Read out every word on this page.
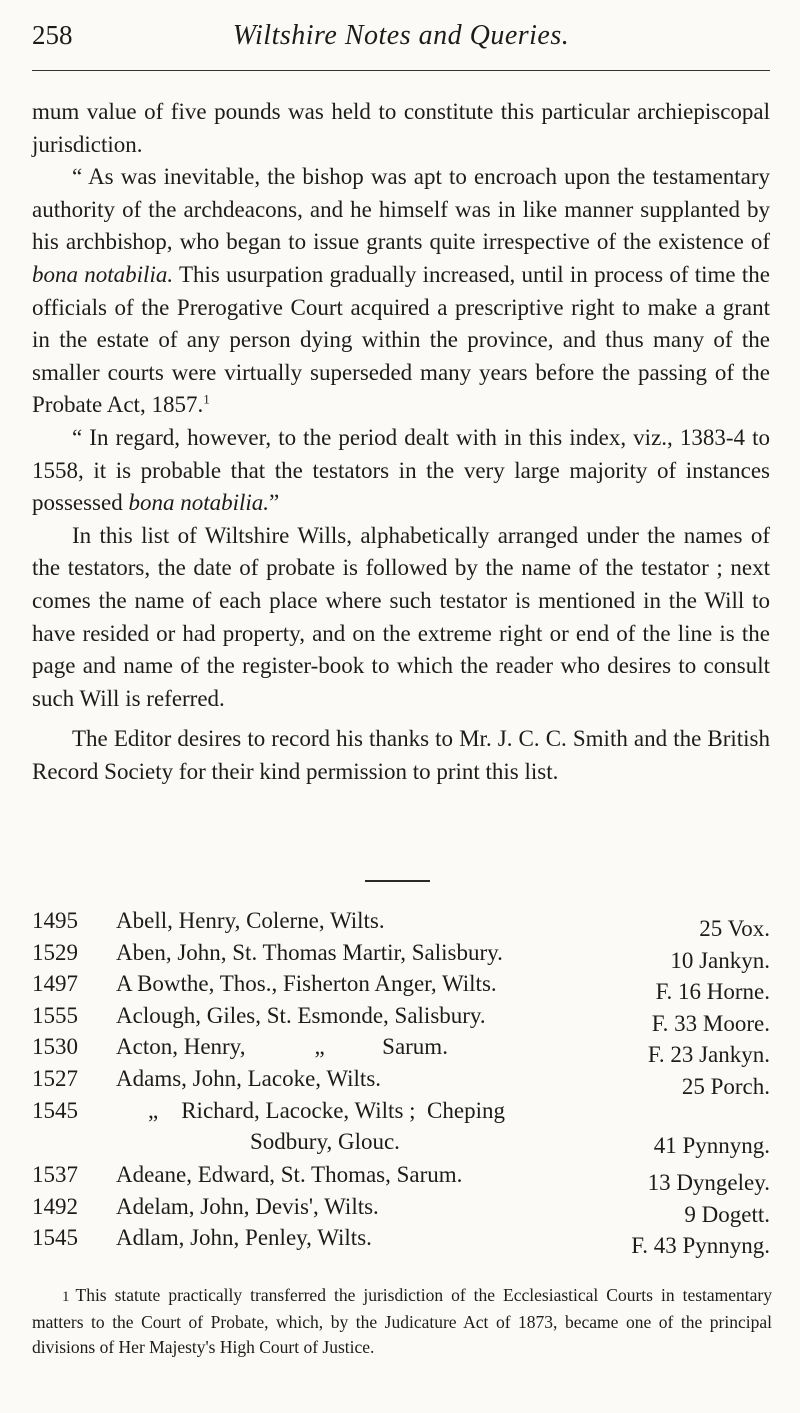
258	Wiltshire Notes and Queries.

mum value of five pounds was held to constitute this particular archiepiscopal jurisdiction.

“ As was inevitable, the bishop was apt to encroach upon the testamentary authority of the archdeacons, and he himself was in like manner supplanted by his archbishop, who began to issue grants quite irrespective of the existence of bona notabilia. This usurpation gradually increased, until in process of time the officials of the Prerogative Court acquired a prescriptive right to make a grant in the estate of any person dying within the province, and thus many of the smaller courts were virtually superseded many years before the passing of the Probate Act, 1857.$^1$

“ In regard, however, to the period dealt with in this index, viz., 1383-4 to 1558, it is probable that the testators in the very large majority of instances possessed bona notabilia.”

In this list of Wiltshire Wills, alphabetically arranged under the names of the testators, the date of probate is followed by the name of the testator ; next comes the name of each place where such testator is mentioned in the Will to have resided or had property, and on the extreme right or end of the line is the page and name of the register-book to which the reader who desires to consult such Will is referred.

The Editor desires to record his thanks to Mr. J. C. C. Smith and the British Record Society for their kind permission to print this list.

1495 Abell, Henry, Colerne, Wilts.	25 Vox.
1529 Aben, John, St. Thomas Martir, Salisbury.	10 Jankyn.
1497 A Bowthe, Thos., Fisherton Anger, Wilts.	F. 16 Horne.
1555 Aclough, Giles, St. Esmonde, Salisbury.	F. 33 Moore.
1530 Acton, Henry,            „          Sarum.	F. 23 Jankyn.
1527 Adams, John, Lacoke, Wilts.	25 Porch.
1545	„    Richard, Lacocke, Wilts ;  Cheping
Sodbury, Glouc.	41 Pynnyng.
1537 Adeane, Edward, St. Thomas, Sarum.	13 Dyngeley.
1492 Adelam, John, Devis', Wilts.	9 Dogett.
1545 Adlam, John, Penley, Wilts.	F. 43 Pynnyng.
1 This statute practically transferred the jurisdiction of the Ecclesiastical Courts in testamentary matters to the Court of Probate, which, by the Judicature Act of 1873, became one of the principal divisions of Her Majesty's High Court of Justice.
